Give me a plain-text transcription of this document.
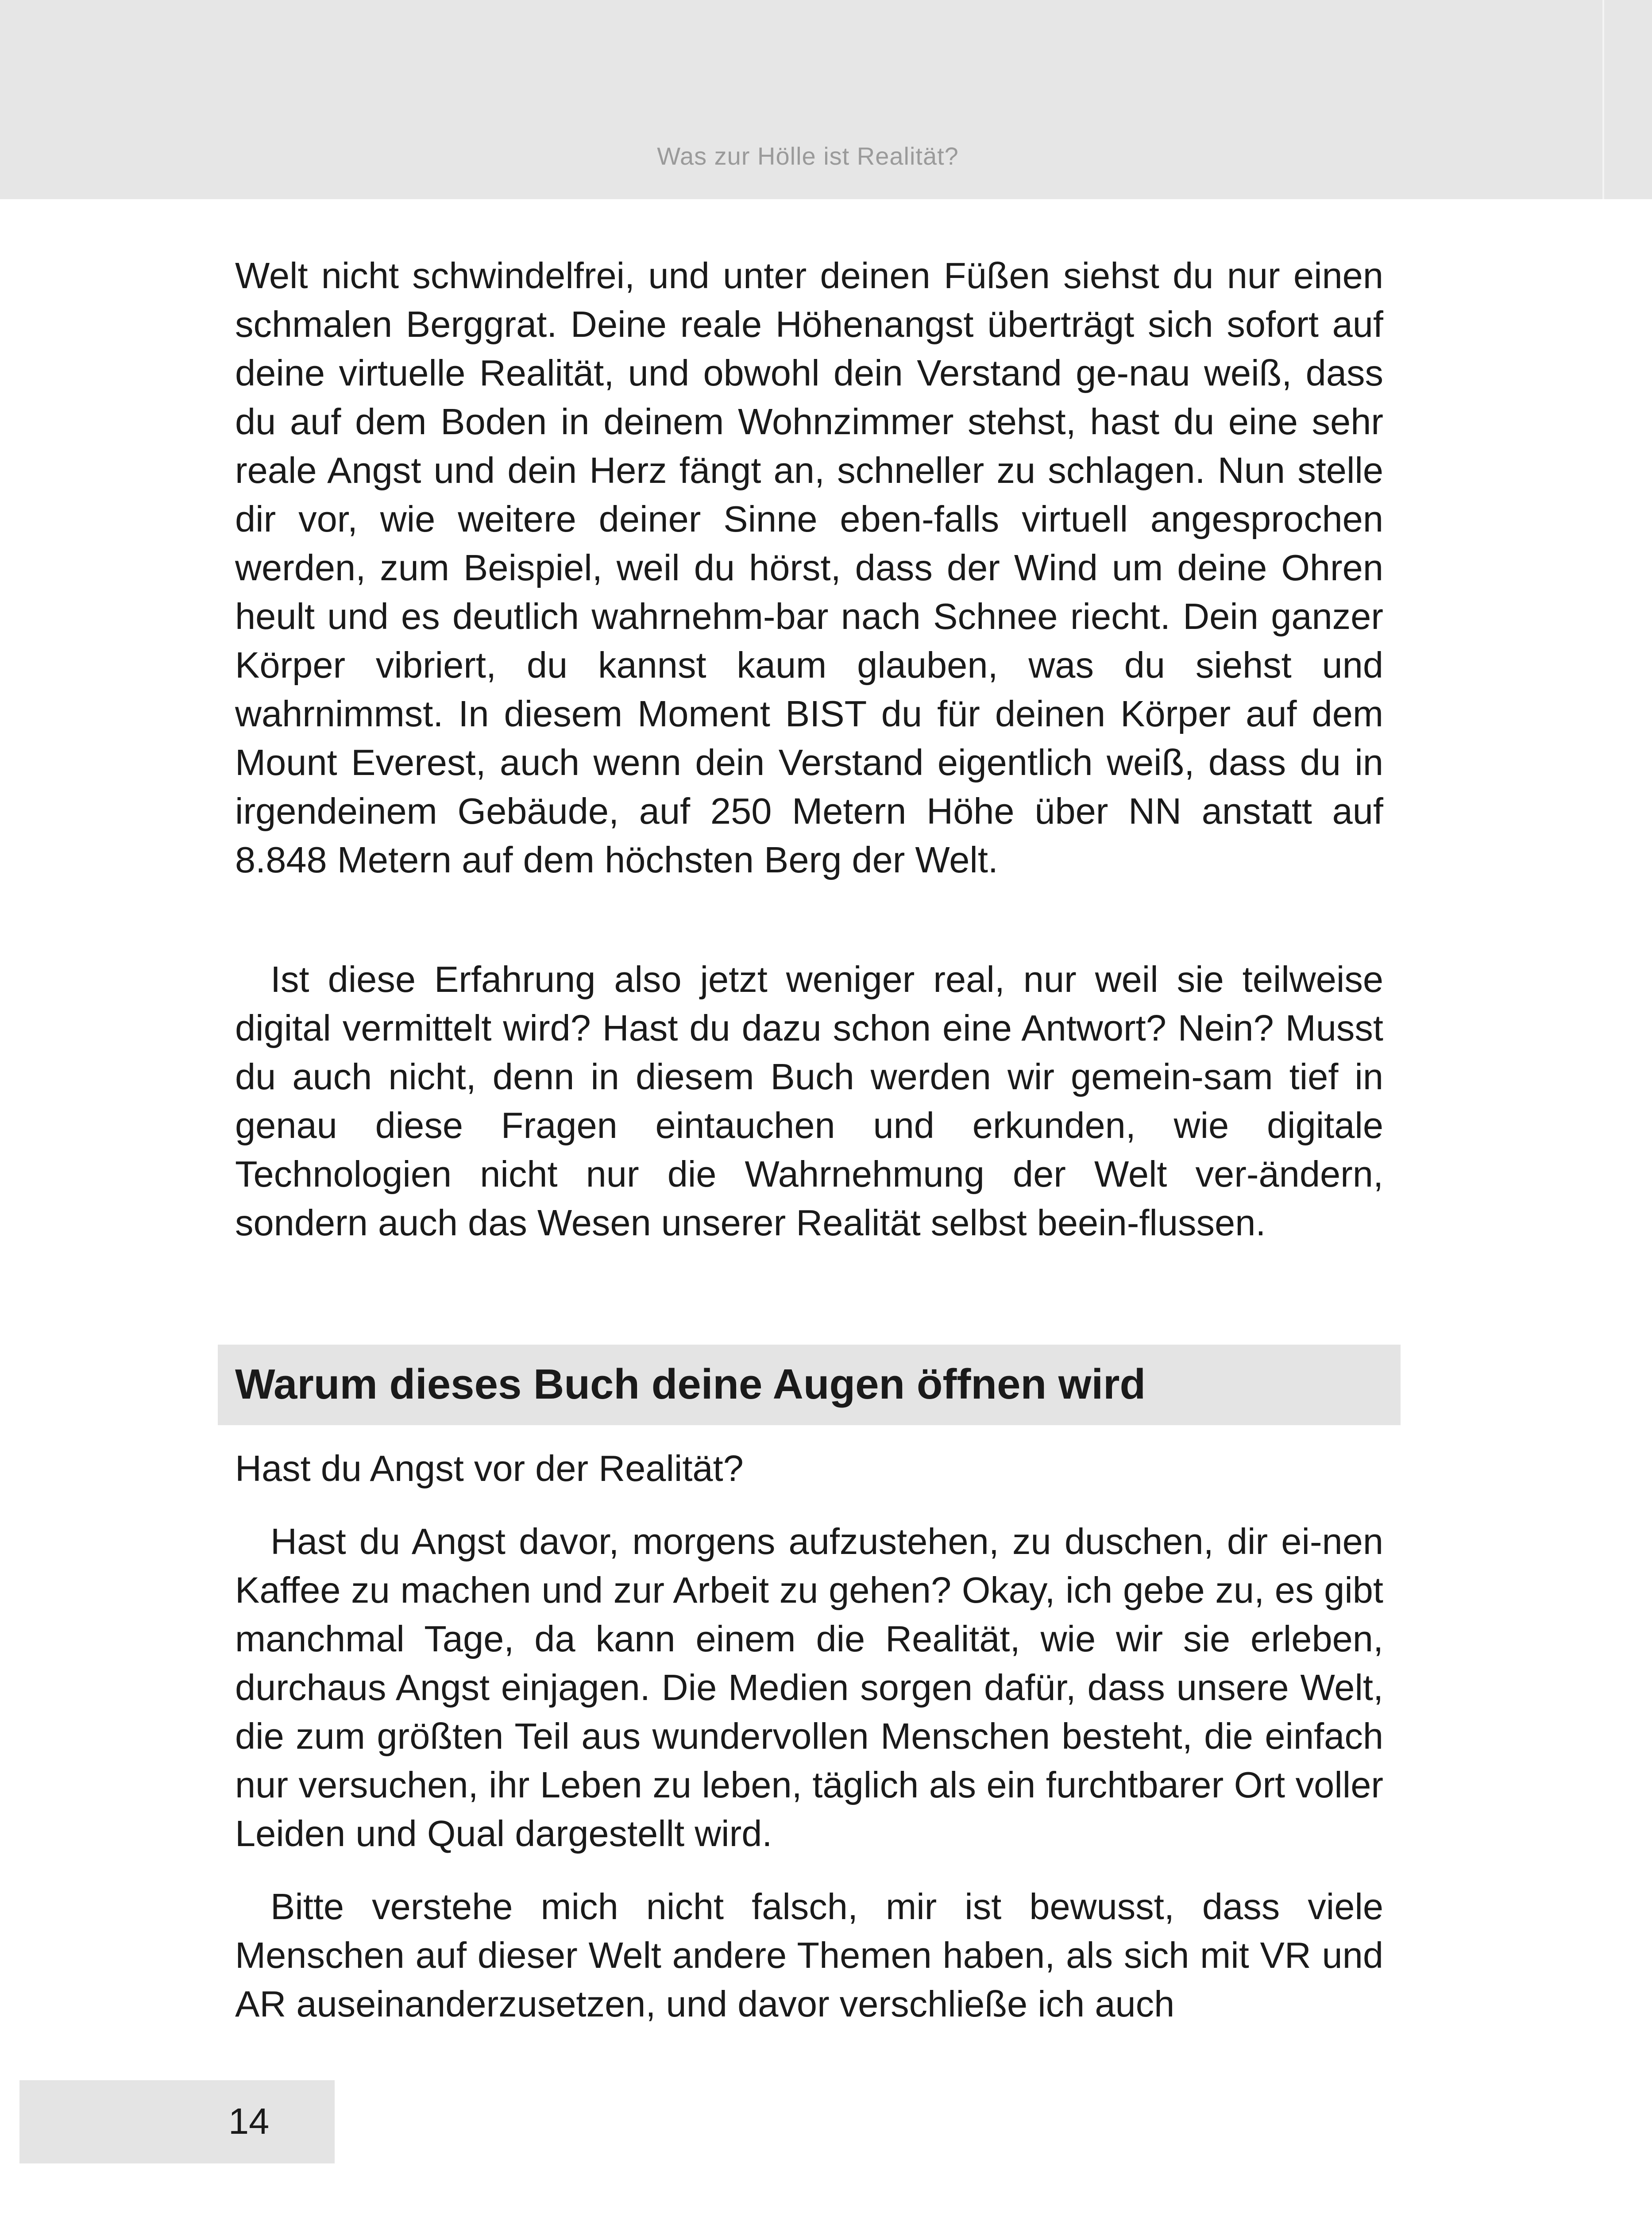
Was zur Hölle ist Realität?

Welt nicht schwindelfrei, und unter deinen Füßen siehst du nur einen schmalen Berggrat. Deine reale Höhenangst überträgt sich sofort auf deine virtuelle Realität, und obwohl dein Verstand ge-nau weiß, dass du auf dem Boden in deinem Wohnzimmer stehst, hast du eine sehr reale Angst und dein Herz fängt an, schneller zu schlagen. Nun stelle dir vor, wie weitere deiner Sinne eben-falls virtuell angesprochen werden, zum Beispiel, weil du hörst, dass der Wind um deine Ohren heult und es deutlich wahrnehm-bar nach Schnee riecht. Dein ganzer Körper vibriert, du kannst kaum glauben, was du siehst und wahrnimmst. In diesem Moment BIST du für deinen Körper auf dem Mount Everest, auch wenn dein Verstand eigentlich weiß, dass du in irgendeinem Gebäude, auf 250 Metern Höhe über NN anstatt auf 8.848 Metern auf dem höchsten Berg der Welt.

Ist diese Erfahrung also jetzt weniger real, nur weil sie teilweise digital vermittelt wird? Hast du dazu schon eine Antwort? Nein? Musst du auch nicht, denn in diesem Buch werden wir gemein-sam tief in genau diese Fragen eintauchen und erkunden, wie digitale Technologien nicht nur die Wahrnehmung der Welt ver-ändern, sondern auch das Wesen unserer Realität selbst beein-flussen.

Warum dieses Buch deine Augen öffnen wird

Hast du Angst vor der Realität?

Hast du Angst davor, morgens aufzustehen, zu duschen, dir ei-nen Kaffee zu machen und zur Arbeit zu gehen? Okay, ich gebe zu, es gibt manchmal Tage, da kann einem die Realität, wie wir sie erleben, durchaus Angst einjagen. Die Medien sorgen dafür, dass unsere Welt, die zum größten Teil aus wundervollen Menschen besteht, die einfach nur versuchen, ihr Leben zu leben, täglich als ein furchtbarer Ort voller Leiden und Qual dargestellt wird.

Bitte verstehe mich nicht falsch, mir ist bewusst, dass viele Menschen auf dieser Welt andere Themen haben, als sich mit VR und AR auseinanderzusetzen, und davor verschließe ich auch

14
